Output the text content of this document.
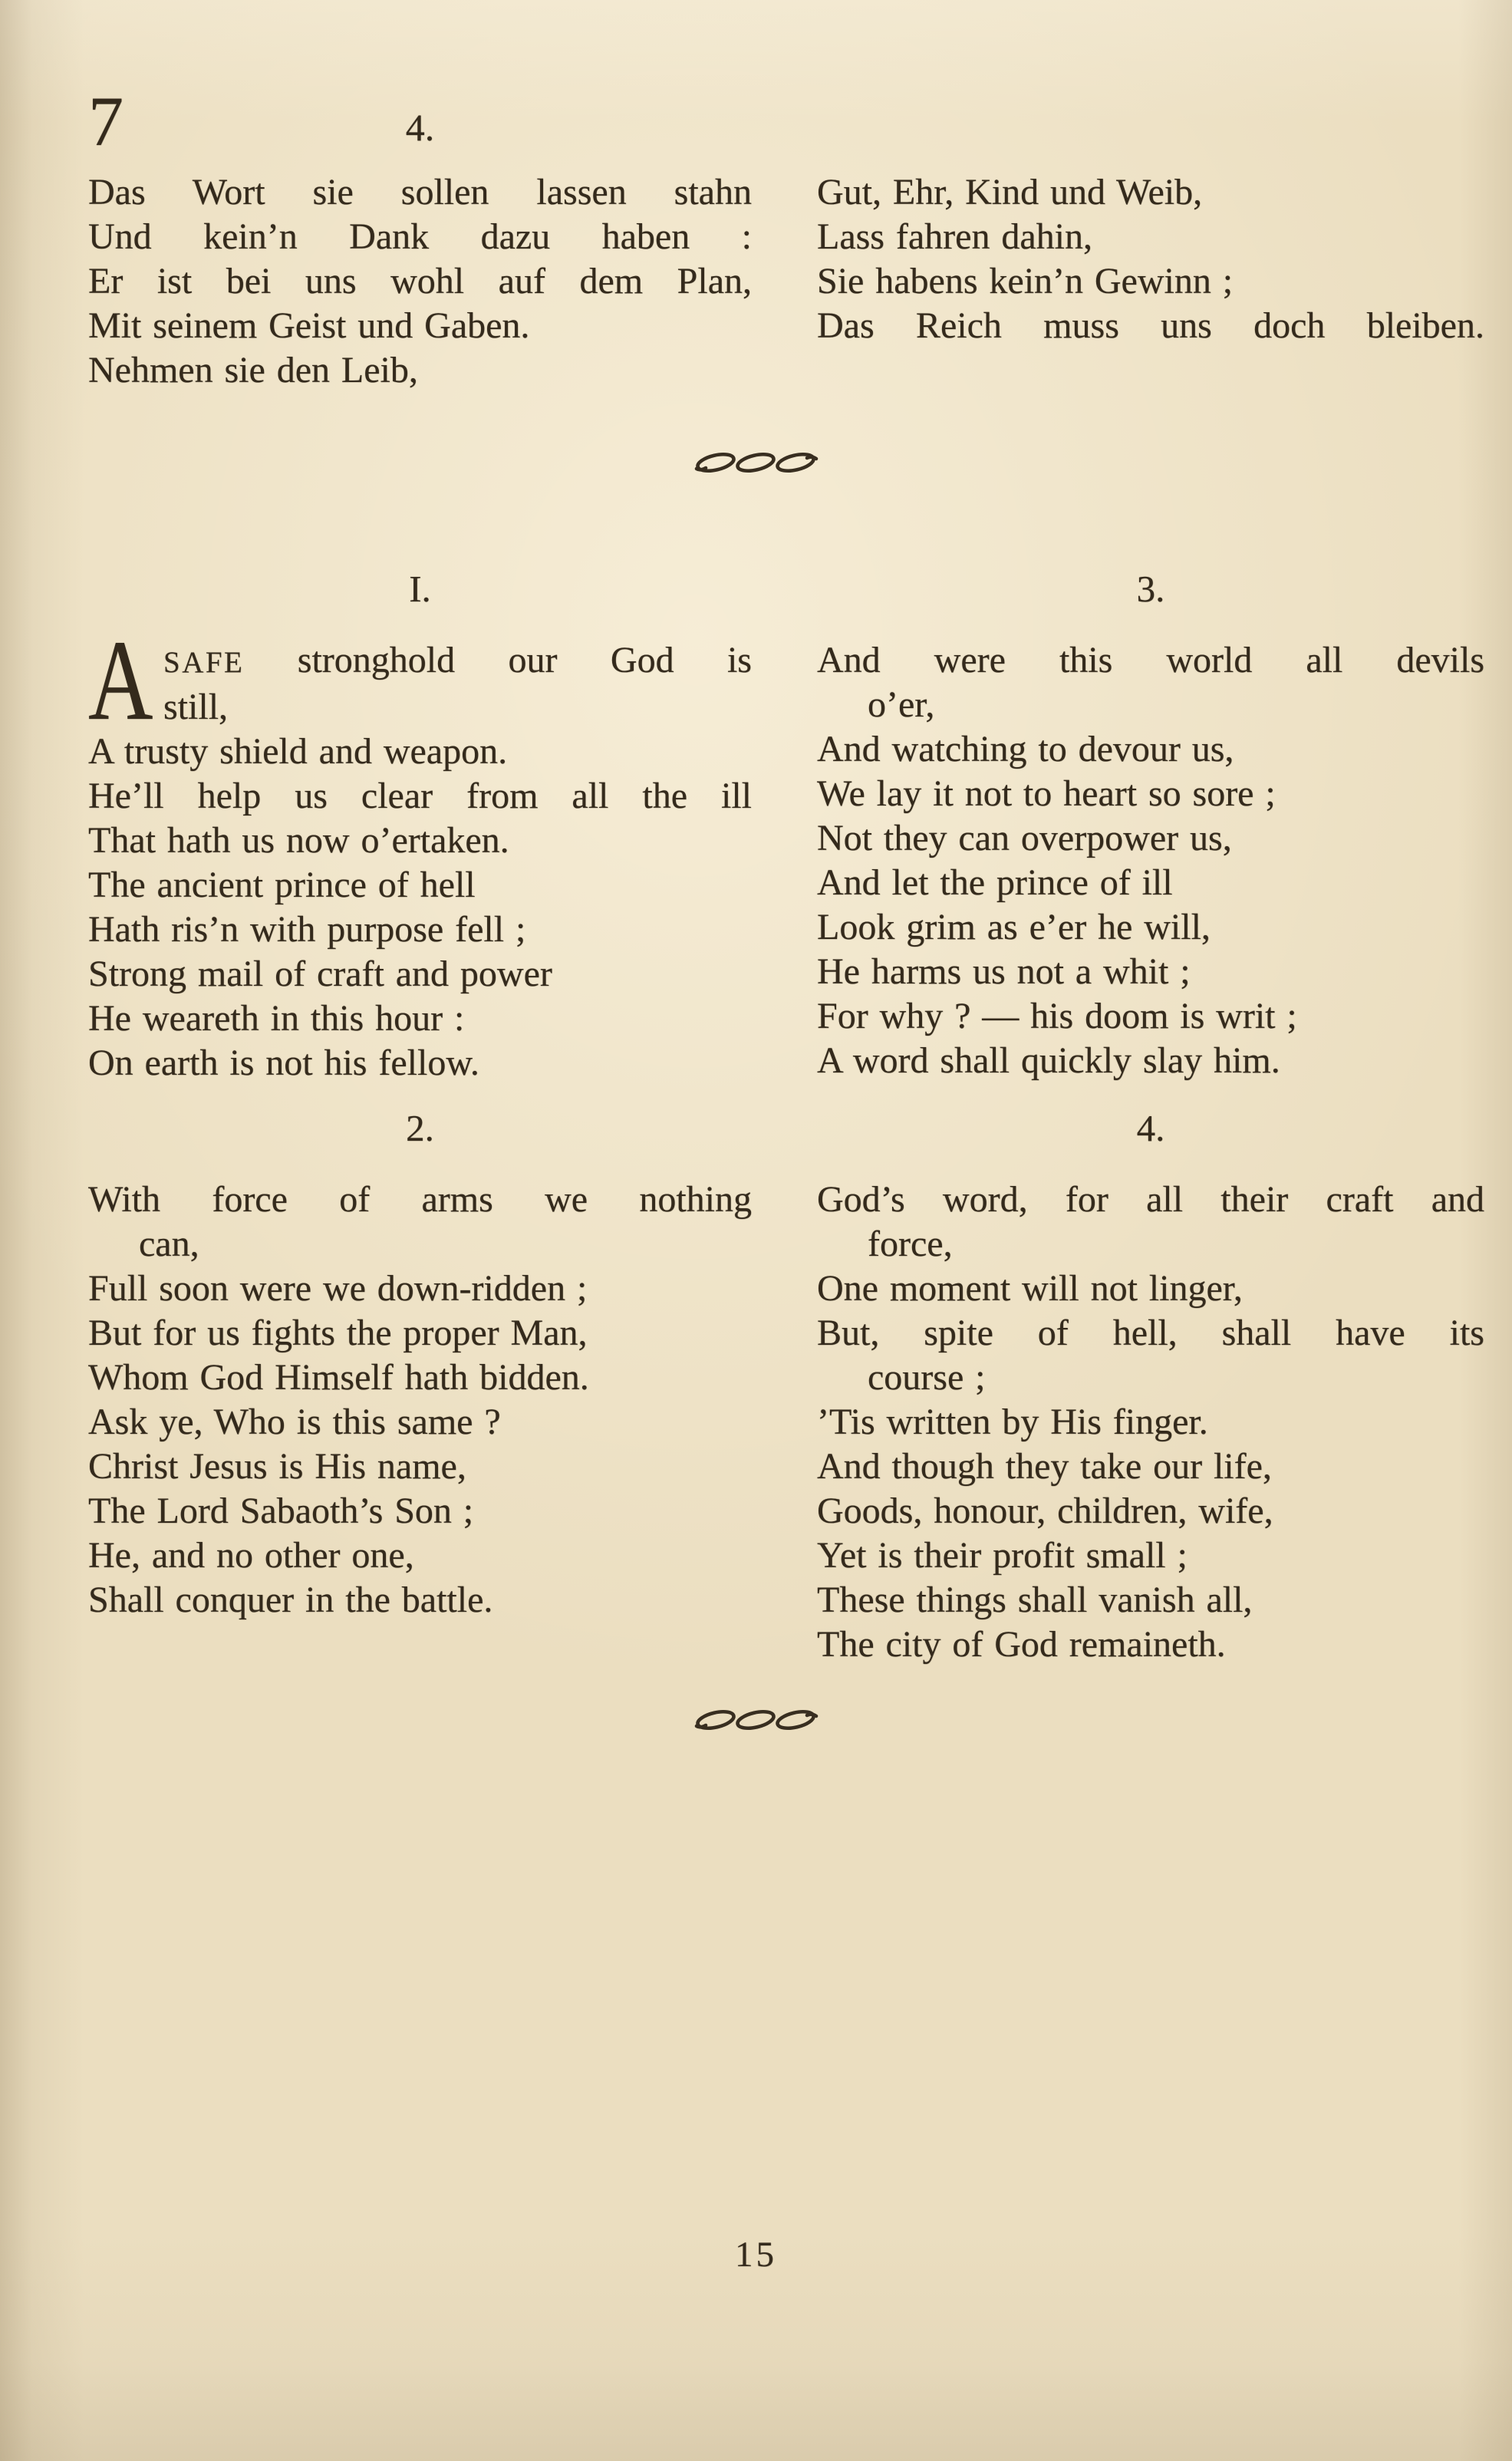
7	4.
Das Wort sie sollen lassen stahn
Und kein’n Dank dazu haben :
Er ist bei uns wohl auf dem Plan,
Mit seinem Geist und Gaben.
Nehmen sie den Leib,
Gut, Ehr, Kind und Weib,
Lass fahren dahin,
Sie habens kein’n Gewinn ;
Das Reich muss uns doch bleiben.
I.
ASAFE stronghold our God is
still,
A trusty shield and weapon.
He’ll help us clear from all the ill
That hath us now o’ertaken.
The ancient prince of hell
Hath ris’n with purpose fell ;
Strong mail of craft and power
He weareth in this hour :
On earth is not his fellow.
3.
And were this world all devils
o’er,
And watching to devour us,
We lay it not to heart so sore ;
Not they can overpower us,
And let the prince of ill
Look grim as e’er he will,
He harms us not a whit ;
For why ? — his doom is writ ;
A word shall quickly slay him.
2.
With force of arms we nothing
can,
Full soon were we down-ridden ;
But for us fights the proper Man,
Whom God Himself hath bidden.
Ask ye, Who is this same ?
Christ Jesus is His name,
The Lord Sabaoth’s Son ;
He, and no other one,
Shall conquer in the battle.
4.
God’s word, for all their craft and
force,
One moment will not linger,
But, spite of hell, shall have its
course ;
’Tis written by His finger.
And though they take our life,
Goods, honour, children, wife,
Yet is their profit small ;
These things shall vanish all,
The city of God remaineth.
15
